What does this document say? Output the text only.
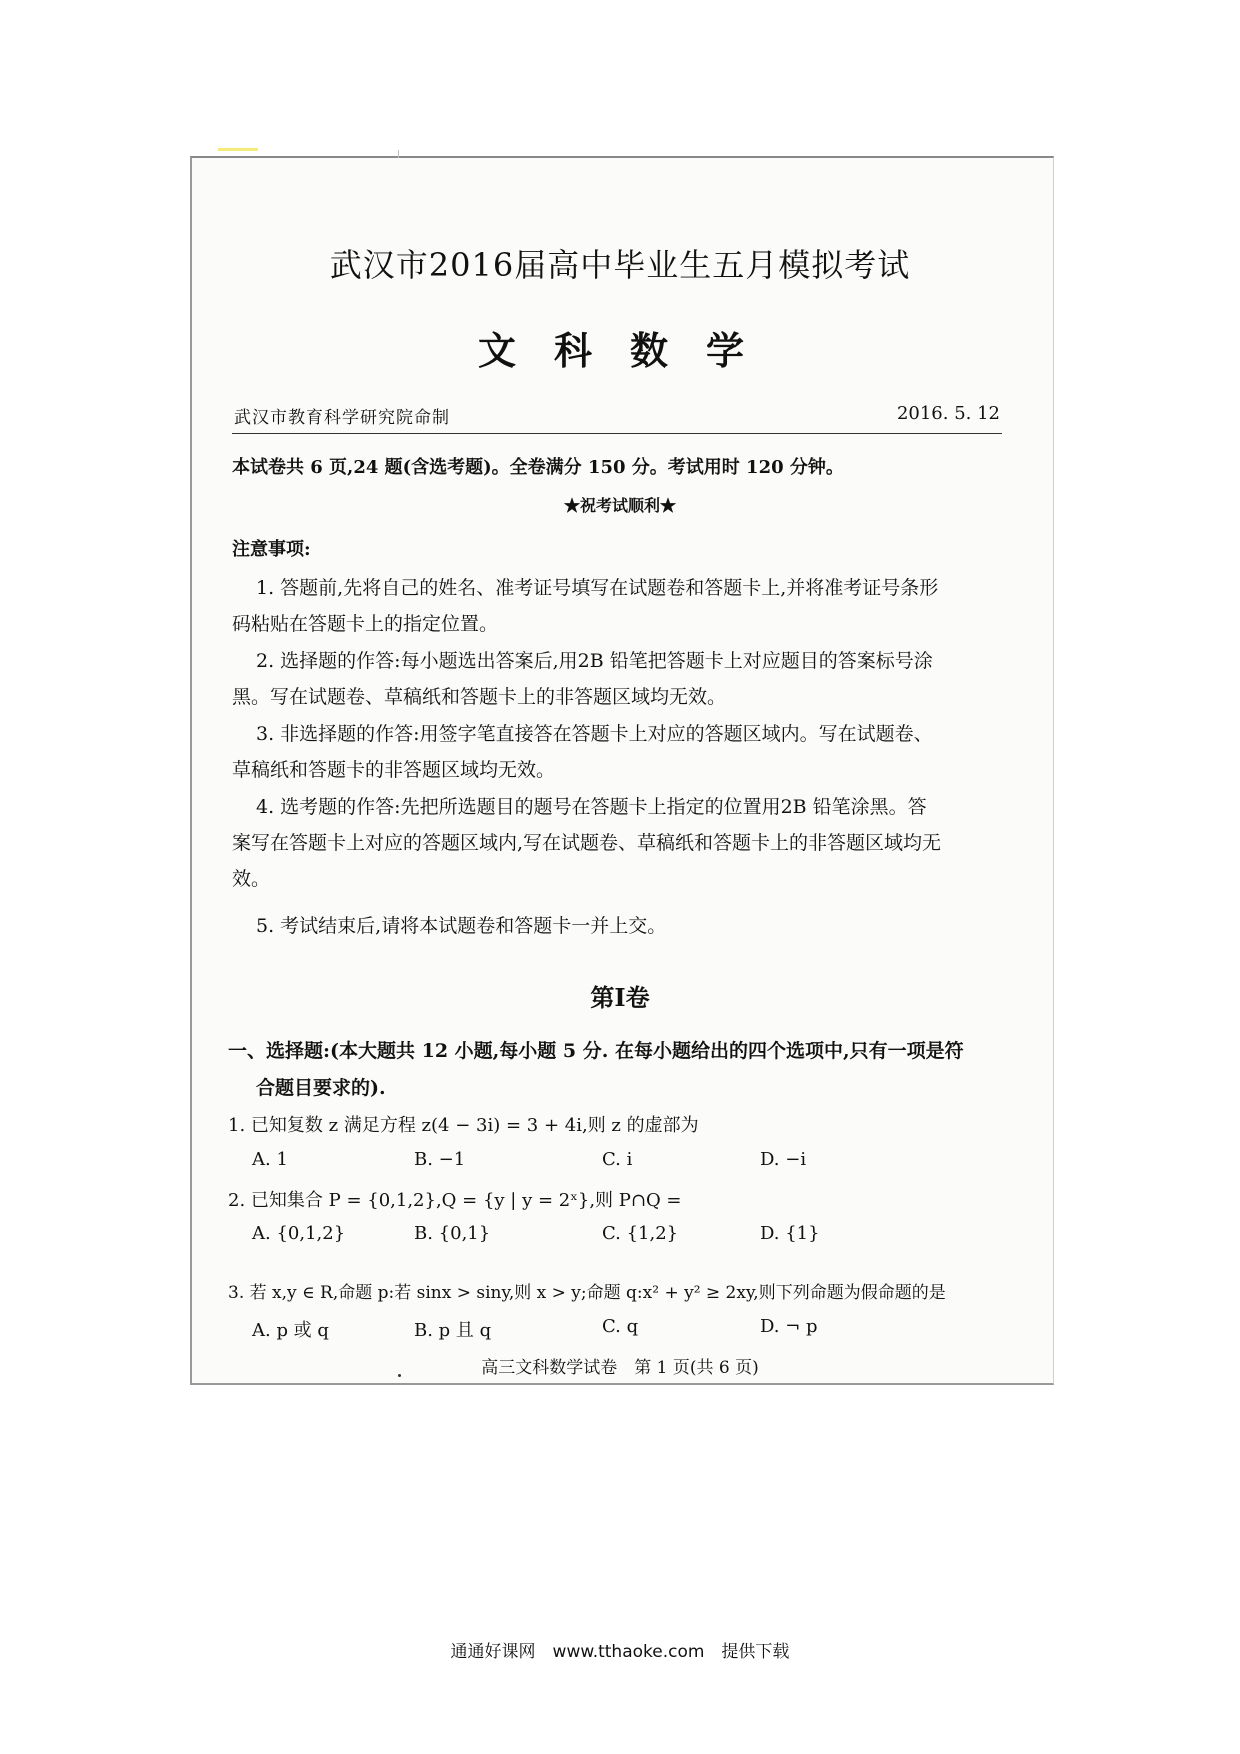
武汉市2016届高中毕业生五月模拟考试
文科数学
武汉市教育科学研究院命制	2016. 5. 12
本试卷共 6 页,24 题(含选考题)。全卷满分 150 分。考试用时 120 分钟。
★祝考试顺利★
注意事项:
1. 答题前,先将自己的姓名、准考证号填写在试题卷和答题卡上,并将准考证号条形
码粘贴在答题卡上的指定位置。
2. 选择题的作答:每小题选出答案后,用2B 铅笔把答题卡上对应题目的答案标号涂
黑。写在试题卷、草稿纸和答题卡上的非答题区域均无效。
3. 非选择题的作答:用签字笔直接答在答题卡上对应的答题区域内。写在试题卷、
草稿纸和答题卡的非答题区域均无效。
4. 选考题的作答:先把所选题目的题号在答题卡上指定的位置用2B 铅笔涂黑。答
案写在答题卡上对应的答题区域内,写在试题卷、草稿纸和答题卡上的非答题区域均无
效。
5. 考试结束后,请将本试题卷和答题卡一并上交。
第Ⅰ卷
一、选择题:(本大题共 12 小题,每小题 5 分. 在每小题给出的四个选项中,只有一项是符
合题目要求的).
1. 已知复数 z 满足方程 z(4 − 3i) = 3 + 4i,则 z 的虚部为
A. 1	B. −1	C. i	D. −i
2. 已知集合 P = {0,1,2},Q = {y | y = 2ˣ},则 P∩Q =
A. {0,1,2}	B. {0,1}	C. {1,2}	D. {1}
3. 若 x,y ∈ R,命题 p:若 sinx > siny,则 x > y;命题 q:x² + y² ≥ 2xy,则下列命题为假命题的是
A. p 或 q	B. p 且 q	C. q	D. ¬ p
高三文科数学试卷　第 1 页(共 6 页)
通通好课网　www.tthaoke.com　提供下载
